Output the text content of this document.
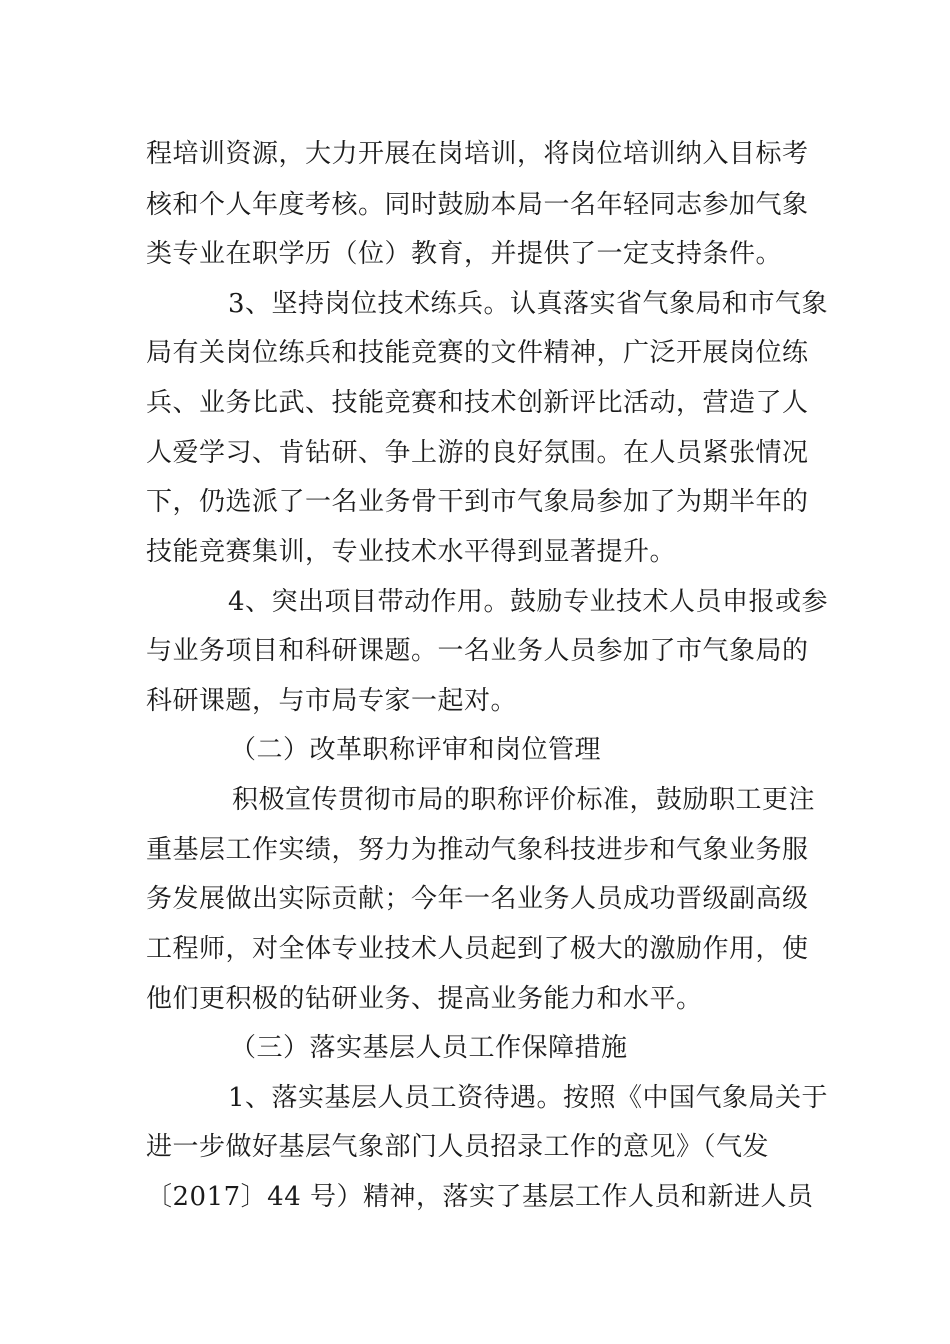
程培训资源，大力开展在岗培训，将岗位培训纳入目标考
核和个人年度考核。同时鼓励本局一名年轻同志参加气象
类专业在职学历（位）教育，并提供了一定支持条件。
3、坚持岗位技术练兵。认真落实省气象局和市气象
局有关岗位练兵和技能竞赛的文件精神，广泛开展岗位练
兵、业务比武、技能竞赛和技术创新评比活动，营造了人
人爱学习、肯钻研、争上游的良好氛围。在人员紧张情况
下，仍选派了一名业务骨干到市气象局参加了为期半年的
技能竞赛集训，专业技术水平得到显著提升。
4、突出项目带动作用。鼓励专业技术人员申报或参
与业务项目和科研课题。一名业务人员参加了市气象局的
科研课题，与市局专家一起对。
（二）改革职称评审和岗位管理
积极宣传贯彻市局的职称评价标准，鼓励职工更注
重基层工作实绩，努力为推动气象科技进步和气象业务服
务发展做出实际贡献；今年一名业务人员成功晋级副高级
工程师，对全体专业技术人员起到了极大的激励作用，使
他们更积极的钻研业务、提高业务能力和水平。
（三）落实基层人员工作保障措施
1、落实基层人员工资待遇。按照《中国气象局关于
进一步做好基层气象部门人员招录工作的意见》（气发
〔2017〕44 号）精神，落实了基层工作人员和新进人员
